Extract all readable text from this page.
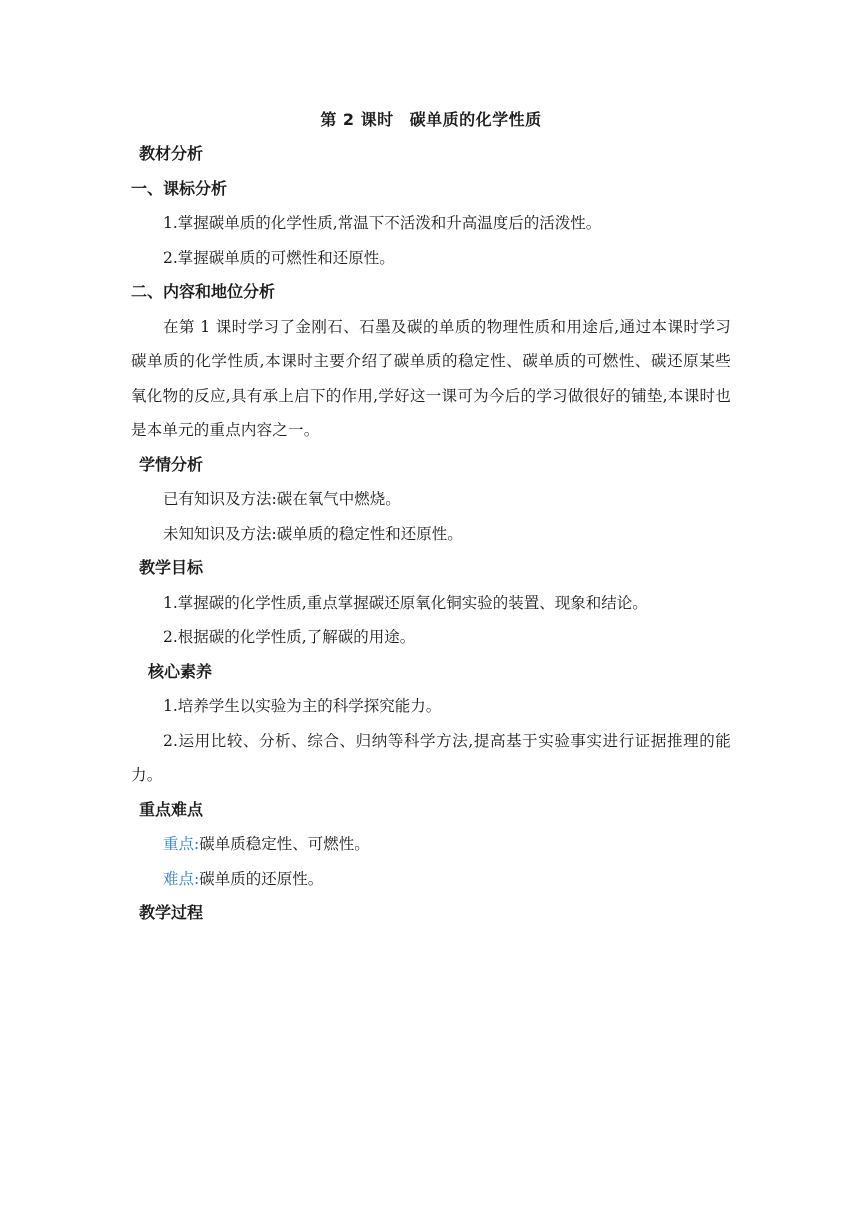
第 2 课时 碳单质的化学性质
教材分析
一、课标分析
1.掌握碳单质的化学性质,常温下不活泼和升高温度后的活泼性。
2.掌握碳单质的可燃性和还原性。
二、内容和地位分析
在第 1 课时学习了金刚石、石墨及碳的单质的物理性质和用途后,通过本课时学习碳单质的化学性质,本课时主要介绍了碳单质的稳定性、碳单质的可燃性、碳还原某些氧化物的反应,具有承上启下的作用,学好这一课可为今后的学习做很好的铺垫,本课时也是本单元的重点内容之一。
学情分析
已有知识及方法:碳在氧气中燃烧。
未知知识及方法:碳单质的稳定性和还原性。
教学目标
1.掌握碳的化学性质,重点掌握碳还原氧化铜实验的装置、现象和结论。
2.根据碳的化学性质,了解碳的用途。
核心素养
1.培养学生以实验为主的科学探究能力。
2.运用比较、分析、综合、归纳等科学方法,提高基于实验事实进行证据推理的能力。
重点难点
重点:碳单质稳定性、可燃性。
难点:碳单质的还原性。
教学过程
